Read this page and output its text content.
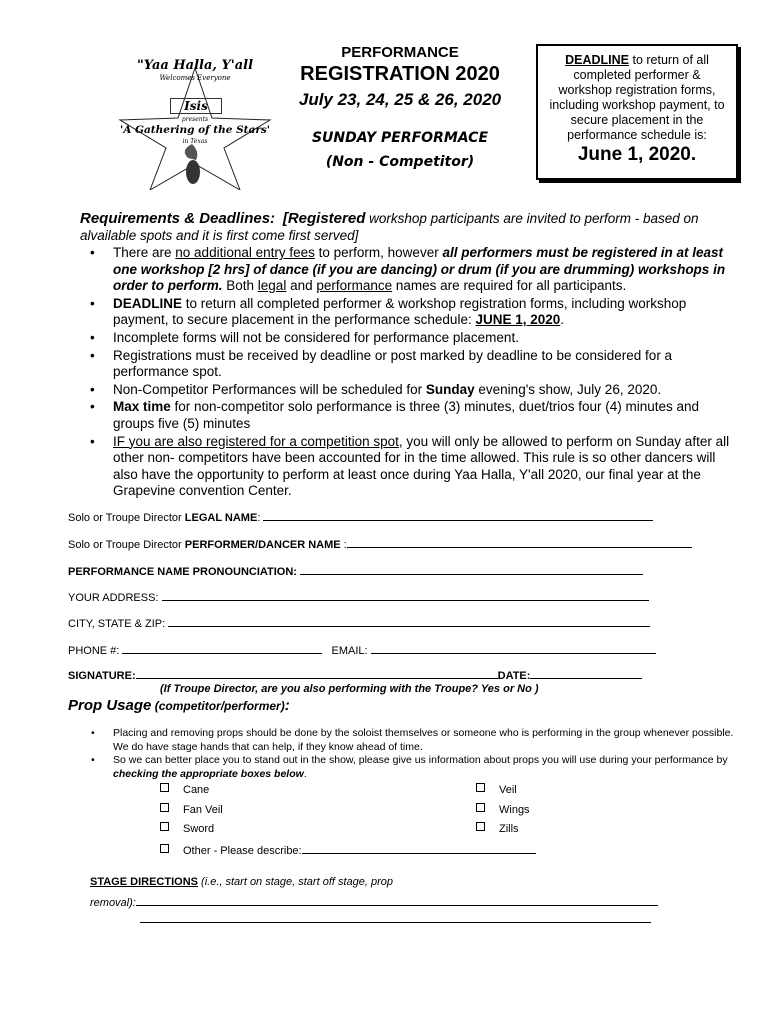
"Yaa Halla, Y'all
Welcomes Everyone
Isis
presents
'A Gathering of the Stars'
in Texas
PERFORMANCE
REGISTRATION 2020
July 23, 24, 25 & 26, 2020
SUNDAY PERFORMACE
(Non - Competitor)
DEADLINE to return of all completed performer & workshop registration forms, including workshop payment, to secure placement in the performance schedule is:
June 1, 2020.
Requirements & Deadlines: [Registered workshop participants are invited to perform - based on alvailable spots and it is first come first served]
• There are no additional entry fees to perform, however all performers must be registered in at least one workshop [2 hrs] of dance (if you are dancing) or drum (if you are drumming) workshops in order to perform. Both legal and performance names are required for all participants.
• DEADLINE to return all completed performer & workshop registration forms, including workshop payment, to secure placement in the performance schedule: JUNE 1, 2020.
• Incomplete forms will not be considered for performance placement.
• Registrations must be received by deadline or post marked by deadline to be considered for a performance spot.
• Non-Competitor Performances will be scheduled for Sunday evening's show, July 26, 2020.
• Max time for non-competitor solo performance is three (3) minutes, duet/trios four (4) minutes and groups five (5) minutes
• IF you are also registered for a competition spot, you will only be allowed to perform on Sunday after all other non- competitors have been accounted for in the time allowed. This rule is so other dancers will also have the opportunity to perform at least once during Yaa Halla, Y'all 2020, our final year at the Grapevine convention Center.
Solo or Troupe Director LEGAL NAME:
Solo or Troupe Director PERFORMER/DANCER NAME :
PERFORMANCE NAME PRONOUNCIATION:
YOUR ADDRESS:
CITY, STATE & ZIP:
PHONE #:	EMAIL:
SIGNATURE:	DATE:
(If Troupe Director, are you also performing with the Troupe? Yes or No )
Prop Usage (competitor/performer):
• Placing and removing props should be done by the soloist themselves or someone who is performing in the group whenever possible. We do have stage hands that can help, if they know ahead of time.
• So we can better place you to stand out in the show, please give us information about props you will use during your performance by checking the appropriate boxes below.
Cane	Veil
Fan Veil	Wings
Sword	Zills
Other - Please describe:
STAGE DIRECTIONS (i.e., start on stage, start off stage, prop
removal):
